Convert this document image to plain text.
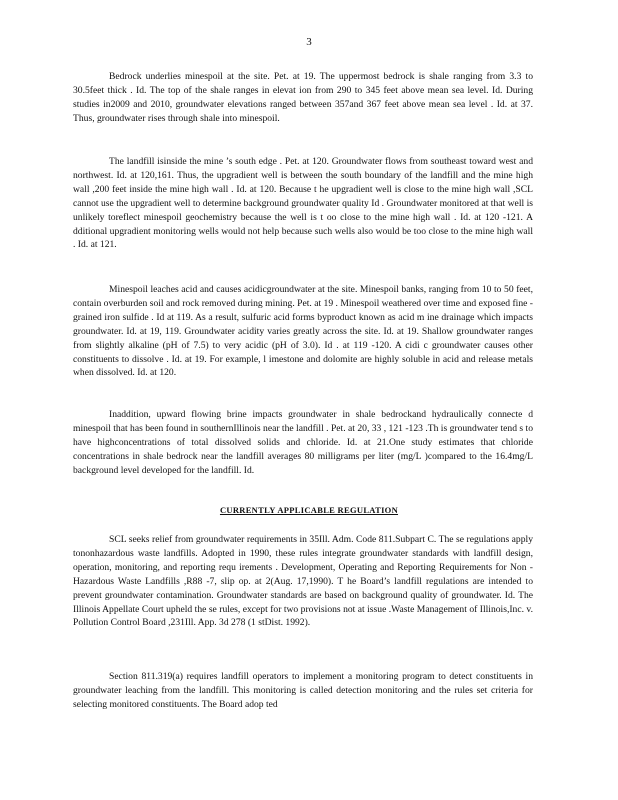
3

Bedrock underlies minespoil at the site. Pet. at 19. The uppermost bedrock is shale ranging from 3.3 to 30.5feet thick . Id. The top of the shale ranges in elevat ion from 290 to 345 feet above mean sea level. Id. During studies in2009 and 2010, groundwater elevations ranged between 357and 367 feet above mean sea level . Id. at 37. Thus, groundwater rises through shale into minespoil.

The landfill isinside the mine ’s south edge . Pet. at 120. Groundwater flows from southeast toward west and northwest. Id. at 120,161. Thus, the upgradient well is between the south boundary of the landfill and the mine high wall ,200 feet inside the mine high wall . Id. at 120. Because t he upgradient well is close to the mine high wall ,SCL cannot use the upgradient well to determine background groundwater quality Id . Groundwater monitored at that well is unlikely toreflect minespoil geochemistry because the well is t oo close to the mine high wall . Id. at 120 -121. A dditional upgradient monitoring wells would not help because such wells also would be too close to the mine high wall . Id. at 121.

Minespoil leaches acid and causes acidicgroundwater at the site. Minespoil banks, ranging from 10 to 50 feet, contain overburden soil and rock removed during mining. Pet. at 19 . Minespoil weathered over time and exposed fine - grained iron sulfide . Id at 119. As a result, sulfuric acid forms byproduct known as acid m ine drainage which impacts groundwater. Id. at 19, 119. Groundwater acidity varies greatly across the site. Id. at 19. Shallow groundwater ranges from slightly alkaline (pH of 7.5) to very acidic (pH of 3.0). Id . at 119 -120. A cidi c groundwater causes other constituents to dissolve . Id. at 19. For example, l imestone and dolomite are highly soluble in acid and release metals when dissolved. Id. at 120.

Inaddition, upward flowing brine impacts groundwater in shale bedrockand hydraulically connecte d minespoil that has been found in southernIllinois near the landfill . Pet. at 20, 33 , 121 -123 .Th is groundwater tend s to have highconcentrations of total dissolved solids and chloride. Id. at 21.One study estimates that chloride concentrations in shale bedrock near the landfill averages 80 milligrams per liter (mg/L )compared to the 16.4mg/L background level developed for the landfill. Id.

CURRENTLY APPLICABLE REGULATION

SCL seeks relief from groundwater requirements in 35Ill. Adm. Code 811.Subpart C. The se regulations apply tononhazardous waste landfills. Adopted in 1990, these rules integrate groundwater standards with landfill design, operation, monitoring, and reporting requ irements . Development, Operating and Reporting Requirements for Non -Hazardous Waste Landfills ,R88 -7, slip op. at 2(Aug. 17,1990). T he Board’s landfill regulations are intended to prevent groundwater contamination. Groundwater standards are based on background quality of groundwater. Id. The Illinois Appellate Court upheld the se rules, except for two provisions not at issue .Waste Management of Illinois,Inc. v. Pollution Control Board ,231Ill. App. 3d 278 (1 stDist. 1992).

Section 811.319(a) requires landfill operators to implement a monitoring program to detect constituents in groundwater leaching from the landfill. This monitoring is called detection monitoring and the rules set criteria for selecting monitored constituents. The Board adop ted
